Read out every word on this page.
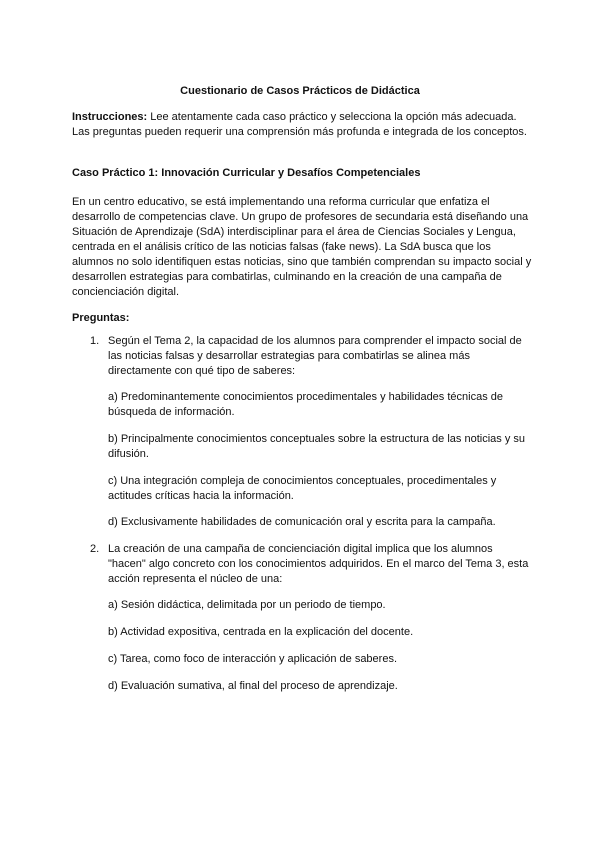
Cuestionario de Casos Prácticos de Didáctica
Instrucciones: Lee atentamente cada caso práctico y selecciona la opción más adecuada. Las preguntas pueden requerir una comprensión más profunda e integrada de los conceptos.
Caso Práctico 1: Innovación Curricular y Desafíos Competenciales
En un centro educativo, se está implementando una reforma curricular que enfatiza el desarrollo de competencias clave. Un grupo de profesores de secundaria está diseñando una Situación de Aprendizaje (SdA) interdisciplinar para el área de Ciencias Sociales y Lengua, centrada en el análisis crítico de las noticias falsas (fake news). La SdA busca que los alumnos no solo identifiquen estas noticias, sino que también comprendan su impacto social y desarrollen estrategias para combatirlas, culminando en la creación de una campaña de concienciación digital.
Preguntas:
1. Según el Tema 2, la capacidad de los alumnos para comprender el impacto social de las noticias falsas y desarrollar estrategias para combatirlas se alinea más directamente con qué tipo de saberes:
a) Predominantemente conocimientos procedimentales y habilidades técnicas de búsqueda de información.
b) Principalmente conocimientos conceptuales sobre la estructura de las noticias y su difusión.
c) Una integración compleja de conocimientos conceptuales, procedimentales y actitudes críticas hacia la información.
d) Exclusivamente habilidades de comunicación oral y escrita para la campaña.
2. La creación de una campaña de concienciación digital implica que los alumnos "hacen" algo concreto con los conocimientos adquiridos. En el marco del Tema 3, esta acción representa el núcleo de una:
a) Sesión didáctica, delimitada por un periodo de tiempo.
b) Actividad expositiva, centrada en la explicación del docente.
c) Tarea, como foco de interacción y aplicación de saberes.
d) Evaluación sumativa, al final del proceso de aprendizaje.
